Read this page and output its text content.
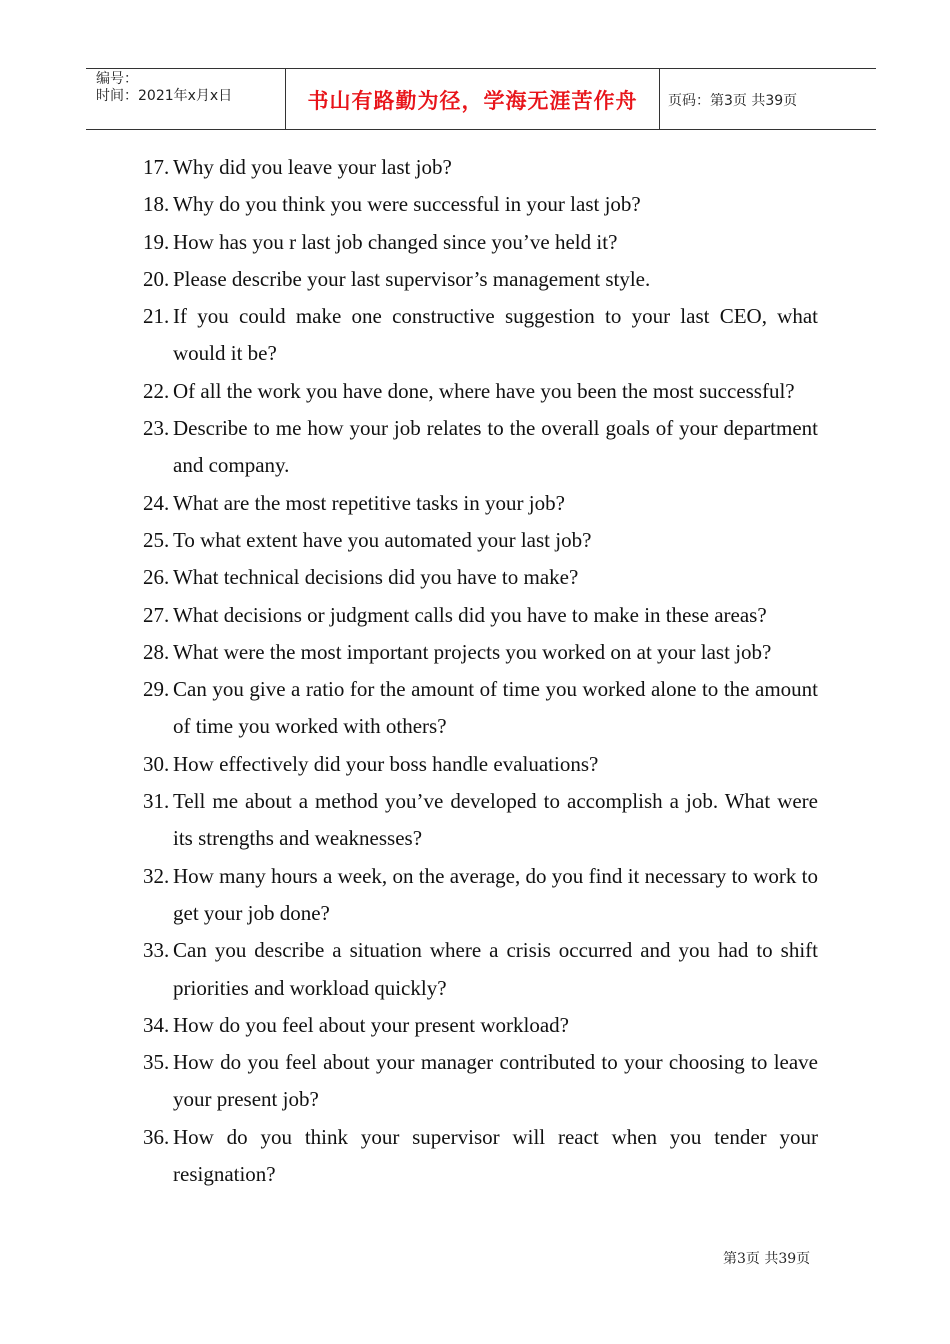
编号：
时间：2021年x月x日	书山有路勤为径，学海无涯苦作舟	页码：第3页 共39页
17. Why did you leave your last job?
18. Why do you think you were successful in your last job?
19. How has you r last job changed since you’ve held it?
20. Please describe your last supervisor’s management style.
21. If you could make one constructive suggestion to your last CEO, what would it be?
22. Of all the work you have done, where have you been the most successful?
23. Describe to me how your job relates to the overall goals of your department and company.
24. What are the most repetitive tasks in your job?
25. To what extent have you automated your last job?
26. What technical decisions did you have to make?
27. What decisions or judgment calls did you have to make in these areas?
28. What were the most important projects you worked on at your last job?
29. Can you give a ratio for the amount of time you worked alone to the amount of time you worked with others?
30. How effectively did your boss handle evaluations?
31. Tell me about a method you’ve developed to accomplish a job. What were its strengths and weaknesses?
32. How many hours a week, on the average, do you find it necessary to work to get your job done?
33. Can you describe a situation where a crisis occurred and you had to shift priorities and workload quickly?
34. How do you feel about your present workload?
35. How do you feel about your manager contributed to your choosing to leave your present job?
36. How do you think your supervisor will react when you tender your resignation?
第3页 共39页
